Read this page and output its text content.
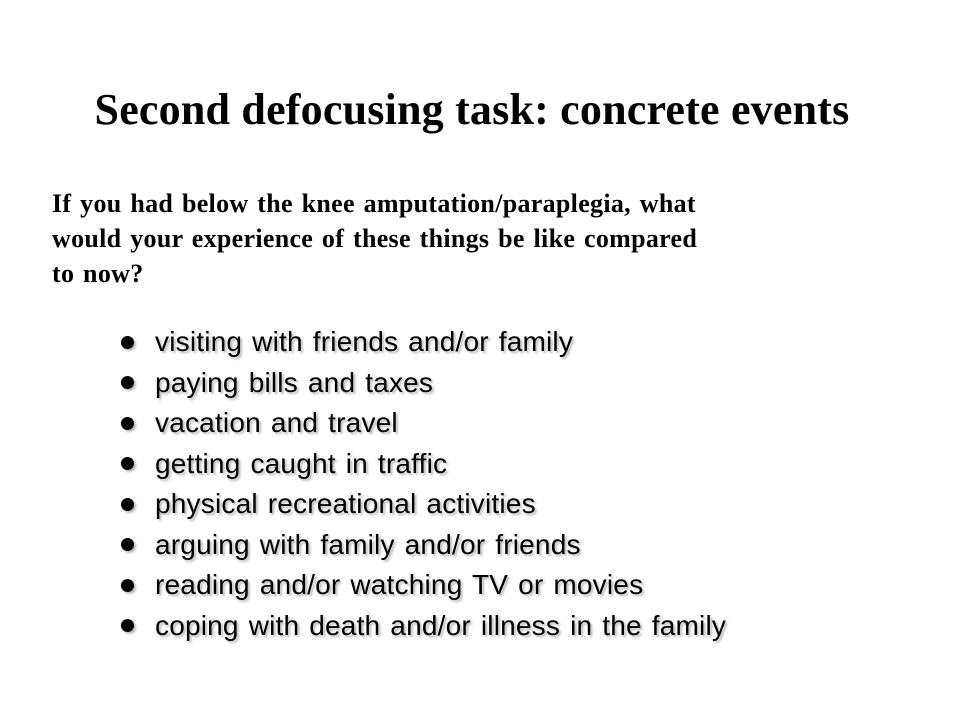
Second defocusing task: concrete events
If you had below the knee amputation/paraplegia, what
would your experience of these things be like compared
to now?
visiting with friends and/or family
paying bills and taxes
vacation and travel
getting caught in traffic
physical recreational activities
arguing with family and/or friends
reading and/or watching TV or movies
coping with death and/or illness in the family
